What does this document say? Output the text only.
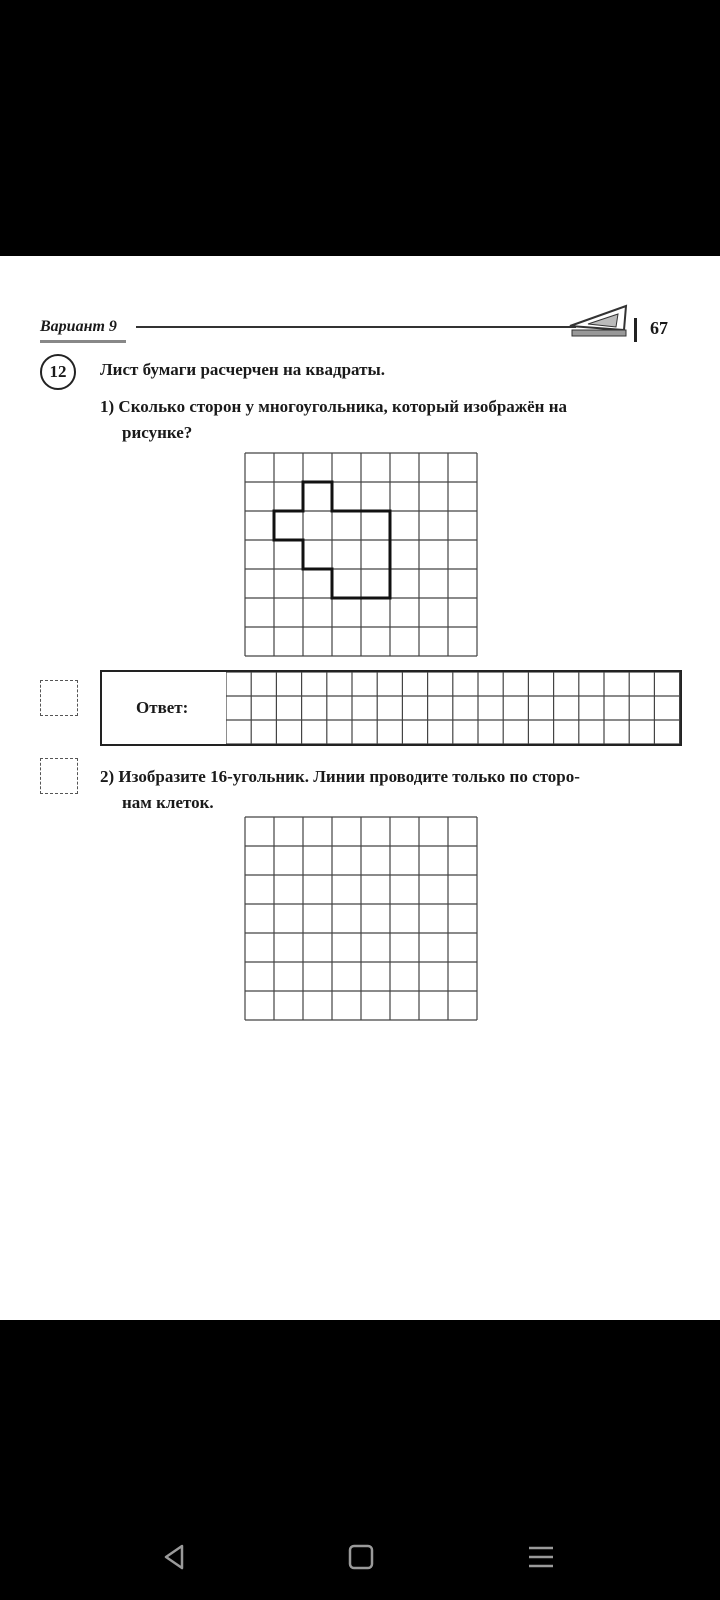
Вариант 9	67
12	Лист бумаги расчерчен на квадраты.
1) Сколько сторон у многоугольника, который изображён на
рисунке?
Ответ:
2) Изобразите 16-угольник. Линии проводите только по сторо-
нам клеток.
